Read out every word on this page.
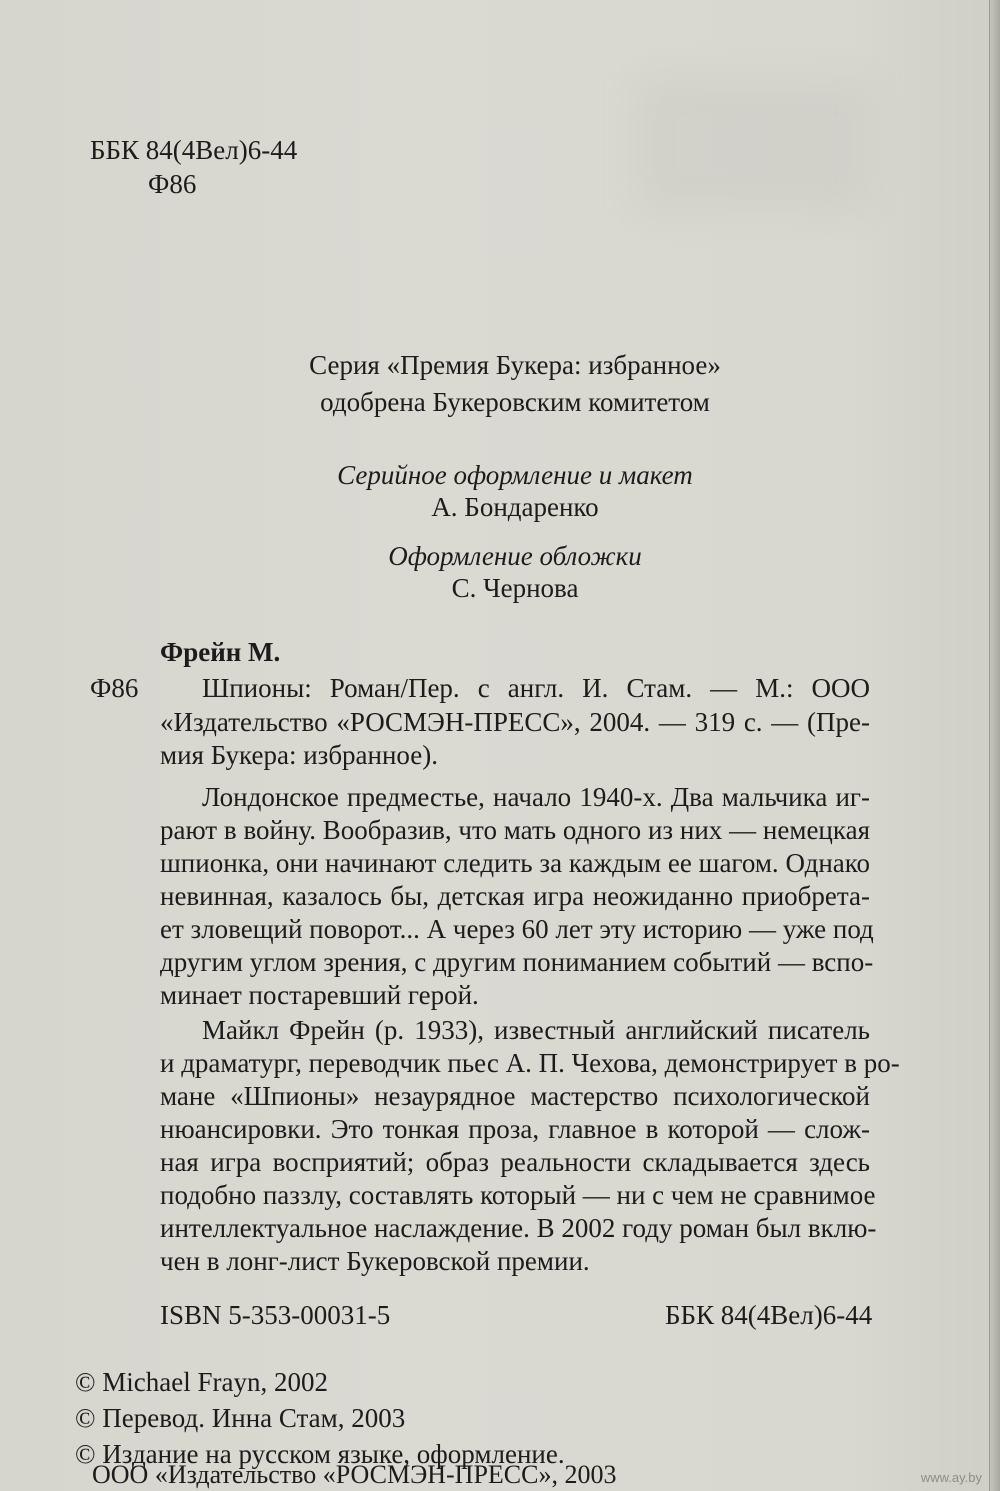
ББК 84(4Вел)6-44
Ф86
Серия «Премия Букера: избранное»
одобрена Букеровским комитетом
Серийное оформление и макет
А. Бондаренко
Оформление обложки
С. Чернова
Фрейн М.
Ф86 Шпионы: Роман/Пер. с англ. И. Стам. — М.: ООО
«Издательство «РОСМЭН-ПРЕСС», 2004. — 319 с. — (Пре-
мия Букера: избранное).
Лондонское предместье, начало 1940-х. Два мальчика иг-
рают в войну. Вообразив, что мать одного из них — немецкая
шпионка, они начинают следить за каждым ее шагом. Однако
невинная, казалось бы, детская игра неожиданно приобрета-
ет зловещий поворот... А через 60 лет эту историю — уже под
другим углом зрения, с другим пониманием событий — вспо-
минает постаревший герой.
Майкл Фрейн (р. 1933), известный английский писатель
и драматург, переводчик пьес А. П. Чехова, демонстрирует в ро-
мане «Шпионы» незаурядное мастерство психологической
нюансировки. Это тонкая проза, главное в которой — слож-
ная игра восприятий; образ реальности складывается здесь
подобно паззлу, составлять который — ни с чем не сравнимое
интеллектуальное наслаждение. В 2002 году роман был вклю-
чен в лонг-лист Букеровской премии.
ISBN 5-353-00031-5	ББК 84(4Вел)6-44
© Michael Frayn, 2002
© Перевод. Инна Стам, 2003
© Издание на русском языке, оформление.
ООО «Издательство «РОСМЭН-ПРЕСС», 2003	www.ay.by
